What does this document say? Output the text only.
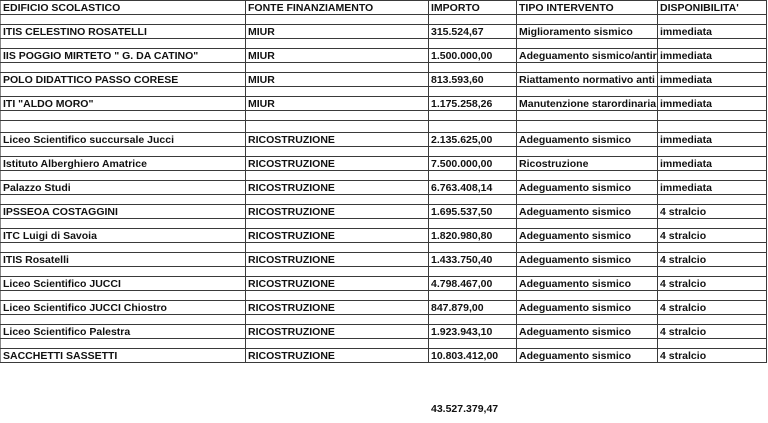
EDIFICIO SCOLASTICO	FONTE FINANZIAMENTO	IMPORTO	TIPO INTERVENTO	DISPONIBILITA'

ITIS CELESTINO ROSATELLI	MIUR	315.524,67	Miglioramento sismico	immediata

IIS POGGIO MIRTETO " G. DA CATINO"	MIUR	1.500.000,00	Adeguamento sismico/antir	immediata

POLO DIDATTICO PASSO CORESE	MIUR	813.593,60	Riattamento normativo anti	immediata

ITI "ALDO MORO"	MIUR	1.175.258,26	Manutenzione starordinaria	immediata

Liceo Scientifico succursale Jucci	RICOSTRUZIONE	2.135.625,00	Adeguamento sismico	immediata

Istituto Alberghiero Amatrice	RICOSTRUZIONE	7.500.000,00	Ricostruzione	immediata

Palazzo Studi	RICOSTRUZIONE	6.763.408,14	Adeguamento sismico	immediata

IPSSEOA COSTAGGINI	RICOSTRUZIONE	1.695.537,50	Adeguamento sismico	4 stralcio

ITC Luigi di Savoia	RICOSTRUZIONE	1.820.980,80	Adeguamento sismico	4 stralcio

ITIS Rosatelli	RICOSTRUZIONE	1.433.750,40	Adeguamento sismico	4 stralcio

Liceo Scientifico JUCCI	RICOSTRUZIONE	4.798.467,00	Adeguamento sismico	4 stralcio

Liceo Scientifico JUCCI Chiostro	RICOSTRUZIONE	847.879,00	Adeguamento sismico	4 stralcio

Liceo Scientifico Palestra	RICOSTRUZIONE	1.923.943,10	Adeguamento sismico	4 stralcio

SACCHETTI SASSETTI	RICOSTRUZIONE	10.803.412,00	Adeguamento sismico	4 stralcio
43.527.379,47
